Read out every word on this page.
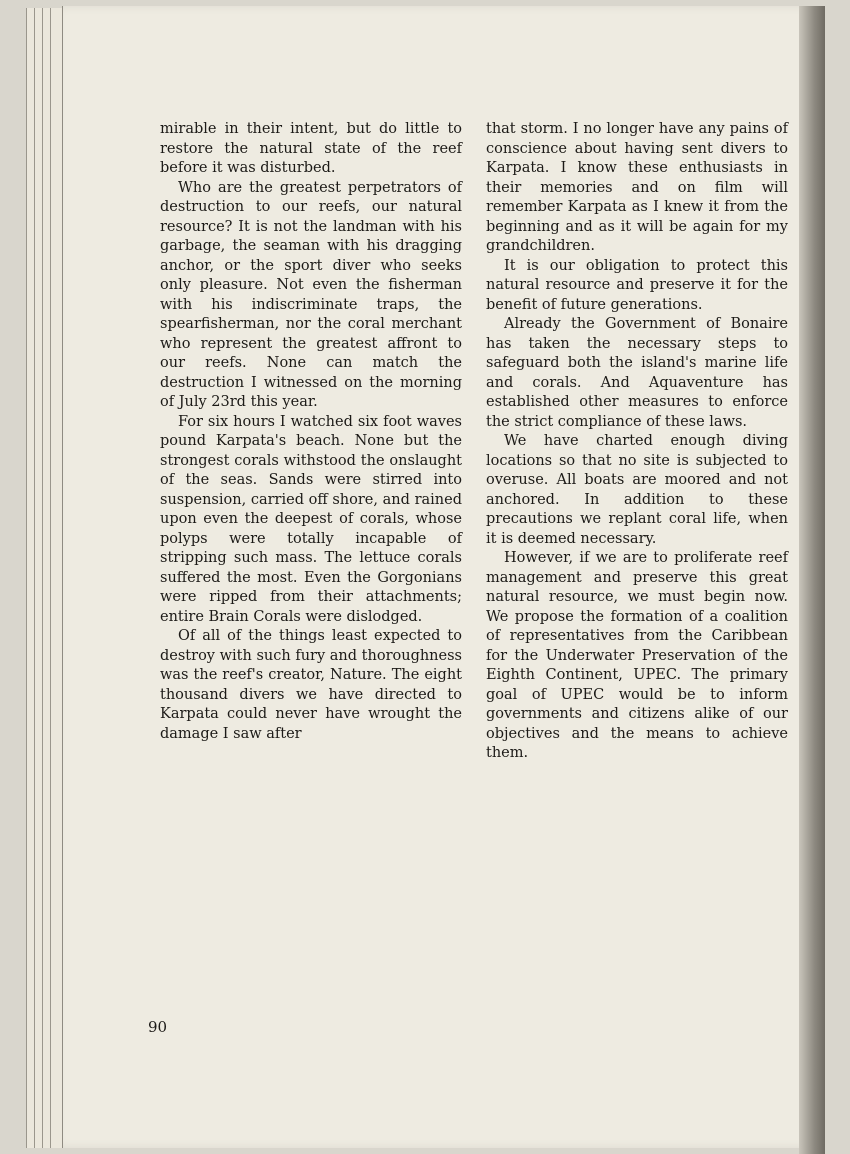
mirable in their intent, but do little to restore the natural state of the reef before it was disturbed.

Who are the greatest perpetrators of destruction to our reefs, our natural resource? It is not the landman with his garbage, the seaman with his dragging anchor, or the sport diver who seeks only pleasure. Not even the fisherman with his indiscriminate traps, the spearfisherman, nor the coral merchant who represent the greatest affront to our reefs. None can match the destruction I witnessed on the morning of July 23rd this year.

For six hours I watched six foot waves pound Karpata's beach. None but the strongest corals withstood the onslaught of the seas. Sands were stirred into suspension, carried off shore, and rained upon even the deepest of corals, whose polyps were totally incapable of stripping such mass. The lettuce corals suffered the most. Even the Gorgonians were ripped from their attachments; entire Brain Corals were dislodged.

Of all of the things least expected to destroy with such fury and thoroughness was the reef's creator, Nature. The eight thousand divers we have directed to Karpata could never have wrought the damage I saw after

that storm. I no longer have any pains of conscience about having sent divers to Karpata. I know these enthusiasts in their memories and on film will remember Karpata as I knew it from the beginning and as it will be again for my grandchildren.

It is our obligation to protect this natural resource and preserve it for the benefit of future generations.

Already the Government of Bonaire has taken the necessary steps to safeguard both the island's marine life and corals. And Aquaventure has established other measures to enforce the strict compliance of these laws.

We have charted enough diving locations so that no site is subjected to overuse. All boats are moored and not anchored. In addition to these precautions we replant coral life, when it is deemed necessary.

However, if we are to proliferate reef management and preserve this great natural resource, we must begin now. We propose the formation of a coalition of representatives from the Caribbean for the Underwater Preservation of the Eighth Continent, UPEC. The primary goal of UPEC would be to inform governments and citizens alike of our objectives and the means to achieve them.

90
